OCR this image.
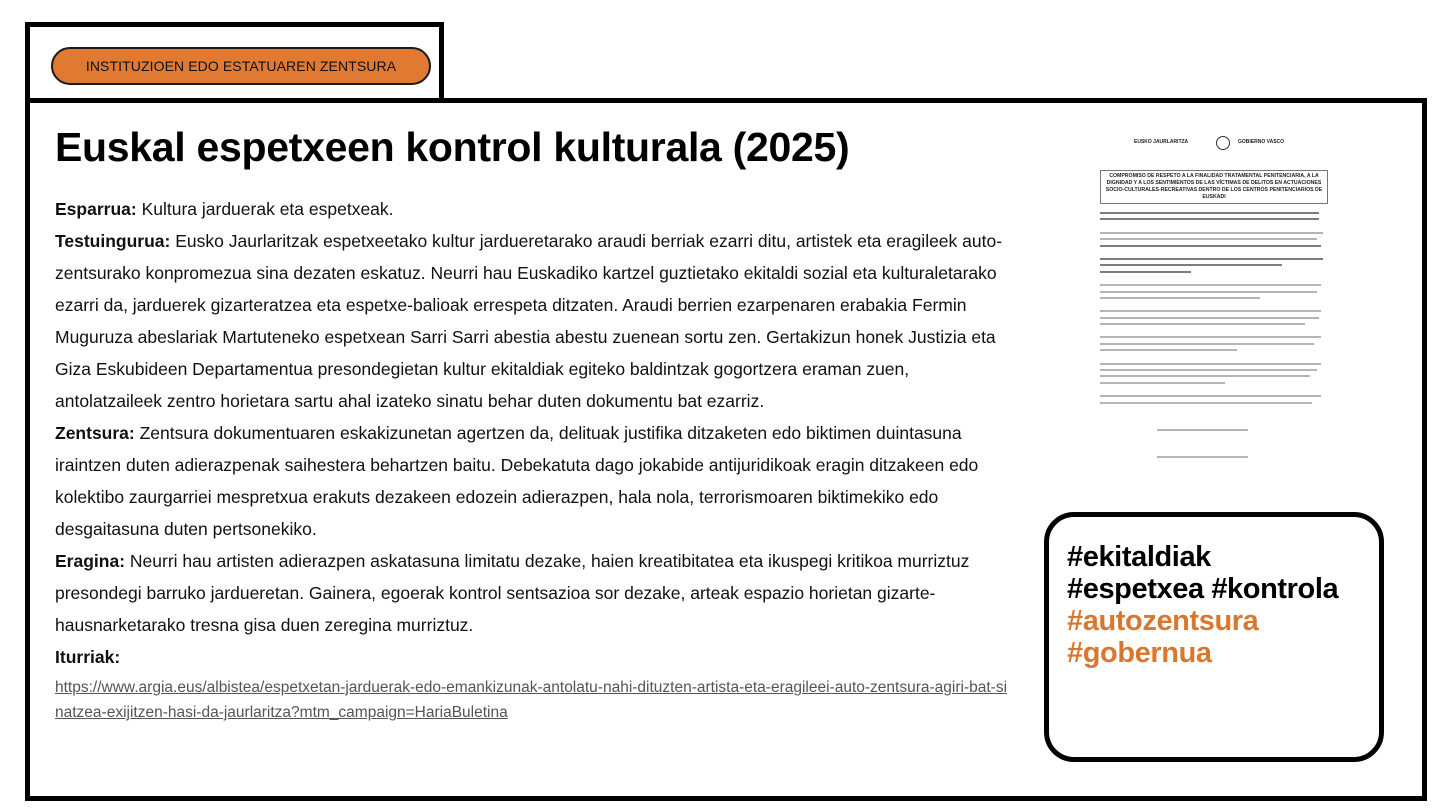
INSTITUZIOEN EDO ESTATUAREN ZENTSURA
Euskal espetxeen kontrol kulturala (2025)

Esparrua: Kultura jarduerak eta espetxeak.

Testuingurua: Eusko Jaurlaritzak espetxeetako kultur jardueretarako araudi berriak ezarri ditu, artistek eta eragileek auto-zentsurako konpromezua sina dezaten eskatuz. Neurri hau Euskadiko kartzel guztietako ekitaldi sozial eta kulturaletarako ezarri da, jarduerek gizarteratzea eta espetxe-balioak errespeta ditzaten. Araudi berrien ezarpenaren erabakia Fermin Muguruza abeslariak Martuteneko espetxean Sarri Sarri abestia abestu zuenean sortu zen. Gertakizun honek Justizia eta Giza Eskubideen Departamentua presondegietan kultur ekitaldiak egiteko baldintzak gogortzera eraman zuen, antolatzaileek zentro horietara sartu ahal izateko sinatu behar duten dokumentu bat ezarriz.

Zentsura: Zentsura dokumentuaren eskakizunetan agertzen da, delituak justifika ditzaketen edo biktimen duintasuna iraintzen duten adierazpenak saihestera behartzen baitu. Debekatuta dago jokabide antijuridikoak eragin ditzakeen edo kolektibo zaurgarriei mespretxua erakuts dezakeen edozein adierazpen, hala nola, terrorismoaren biktimekiko edo desgaitasuna duten pertsonekiko.

Eragina: Neurri hau artisten adierazpen askatasuna limitatu dezake, haien kreatibitatea eta ikuspegi kritikoa murriztuz presondegi barruko jardueretan. Gainera, egoerak kontrol sentsazioa sor dezake, arteak espazio horietan gizarte-hausnarketarako tresna gisa duen zeregina murriztuz.

Iturriak:

https://www.argia.eus/albistea/espetxetan-jarduerak-edo-emankizunak-antolatu-nahi-dituzten-artista-eta-eragileei-auto-zentsura-agiri-bat-sinatzea-exijitzen-hasi-da-jaurlaritza?mtm_campaign=HariaBuletina
EUSKO JAURLARITZA	GOBIERNO VASCO
COMPROMISO DE RESPETO A LA FINALIDAD TRATAMENTAL PENITENCIARIA, A LA DIGNIDAD Y A LOS SENTIMIENTOS DE LAS VÍCTIMAS DE DELITOS EN ACTUACIONES SOCIO-CULTURALES-RECREATIVAS DENTRO DE LOS CENTROS PENITENCIARIOS DE EUSKADI
#ekitaldiak
#espetxea #kontrola
#autozentsura
#gobernua
